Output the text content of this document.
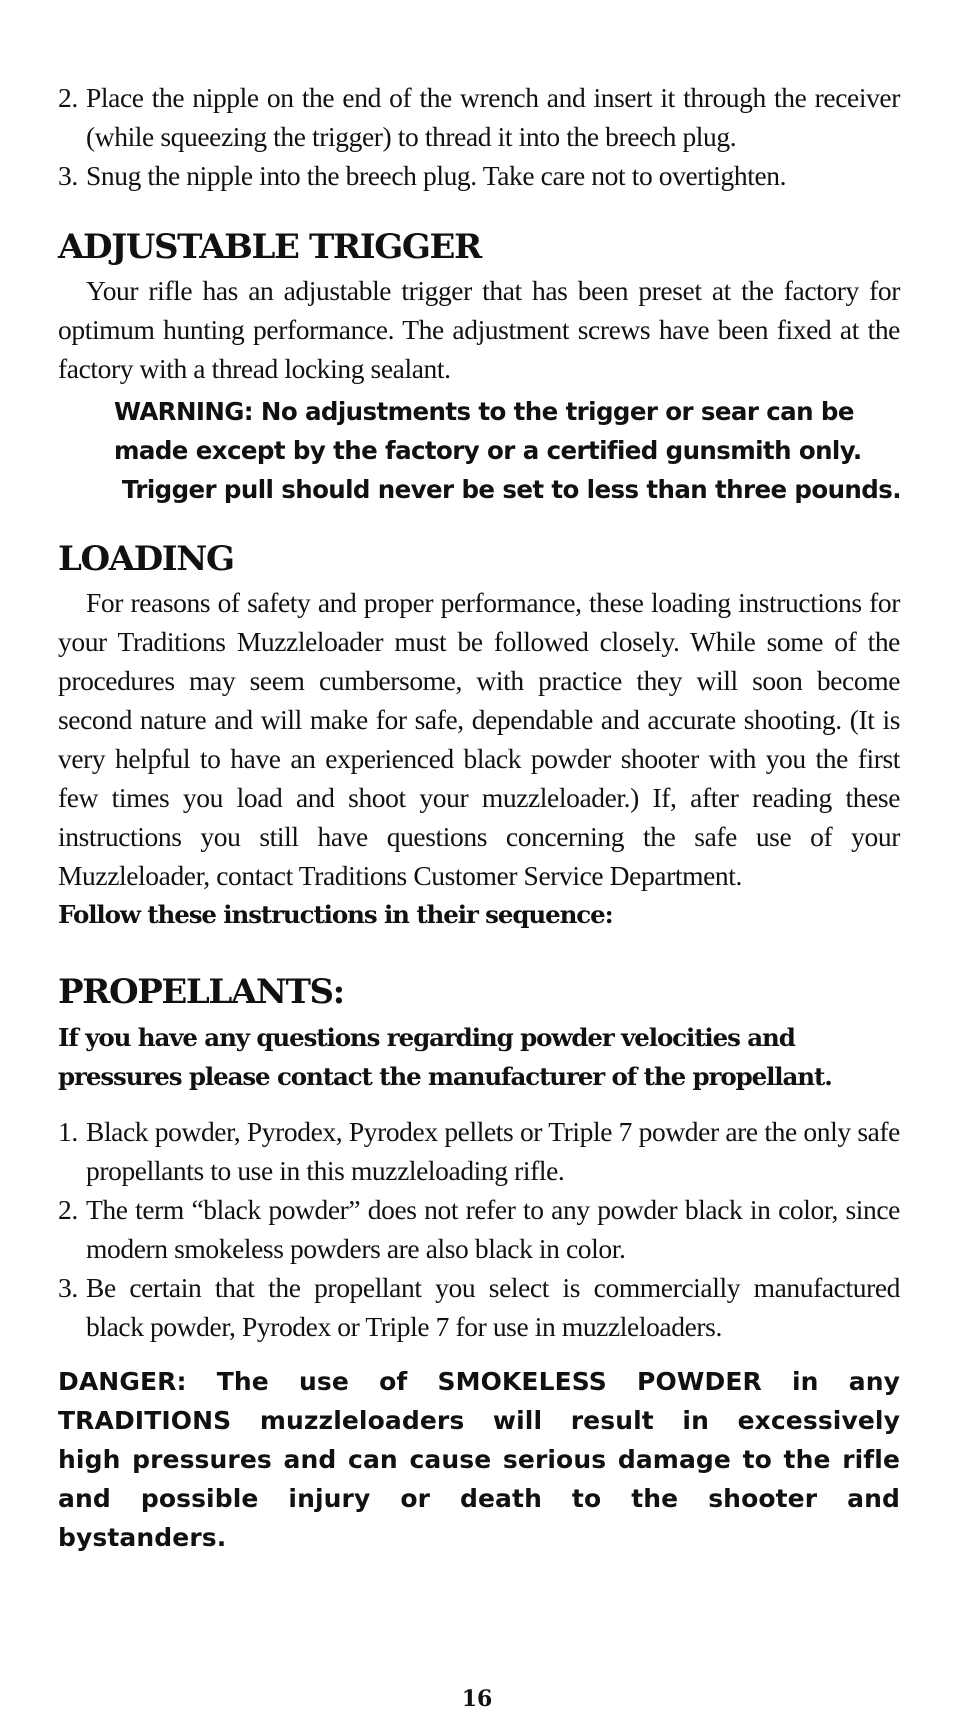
2. Place the nipple on the end of the wrench and insert it through the receiver (while squeezing the trigger) to thread it into the breech plug.
3. Snug the nipple into the breech plug. Take care not to overtighten.
ADJUSTABLE TRIGGER

Your rifle has an adjustable trigger that has been preset at the factory for optimum hunting performance. The adjustment screws have been fixed at the factory with a thread locking sealant.

WARNING: No adjustments to the trigger or sear can be
made except by the factory or a certified gunsmith only.
Trigger pull should never be set to less than three pounds.
LOADING

For reasons of safety and proper performance, these loading instructions for your Traditions Muzzleloader must be followed closely. While some of the procedures may seem cumbersome, with practice they will soon become second nature and will make for safe, dependable and accurate shooting. (It is very helpful to have an experienced black powder shooter with you the first few times you load and shoot your muzzleloader.) If, after reading these instructions you still have questions concerning the safe use of your Muzzleloader, contact Traditions Customer Service Department.

Follow these instructions in their sequence:

PROPELLANTS:
If you have any questions regarding powder velocities and
pressures please contact the manufacturer of the propellant.
1. Black powder, Pyrodex, Pyrodex pellets or Triple 7 powder are the only safe propellants to use in this muzzleloading rifle.
2. The term “black powder” does not refer to any powder black in color, since modern smokeless powders are also black in color.
3. Be certain that the propellant you select is commercially manufactured black powder, Pyrodex or Triple 7 for use in muzzleloaders.
DANGER: The use of SMOKELESS POWDER in any
TRADITIONS muzzleloaders will result in excessively
high pressures and can cause serious damage to the rifle
and possible injury or death to the shooter and bystanders.
16
